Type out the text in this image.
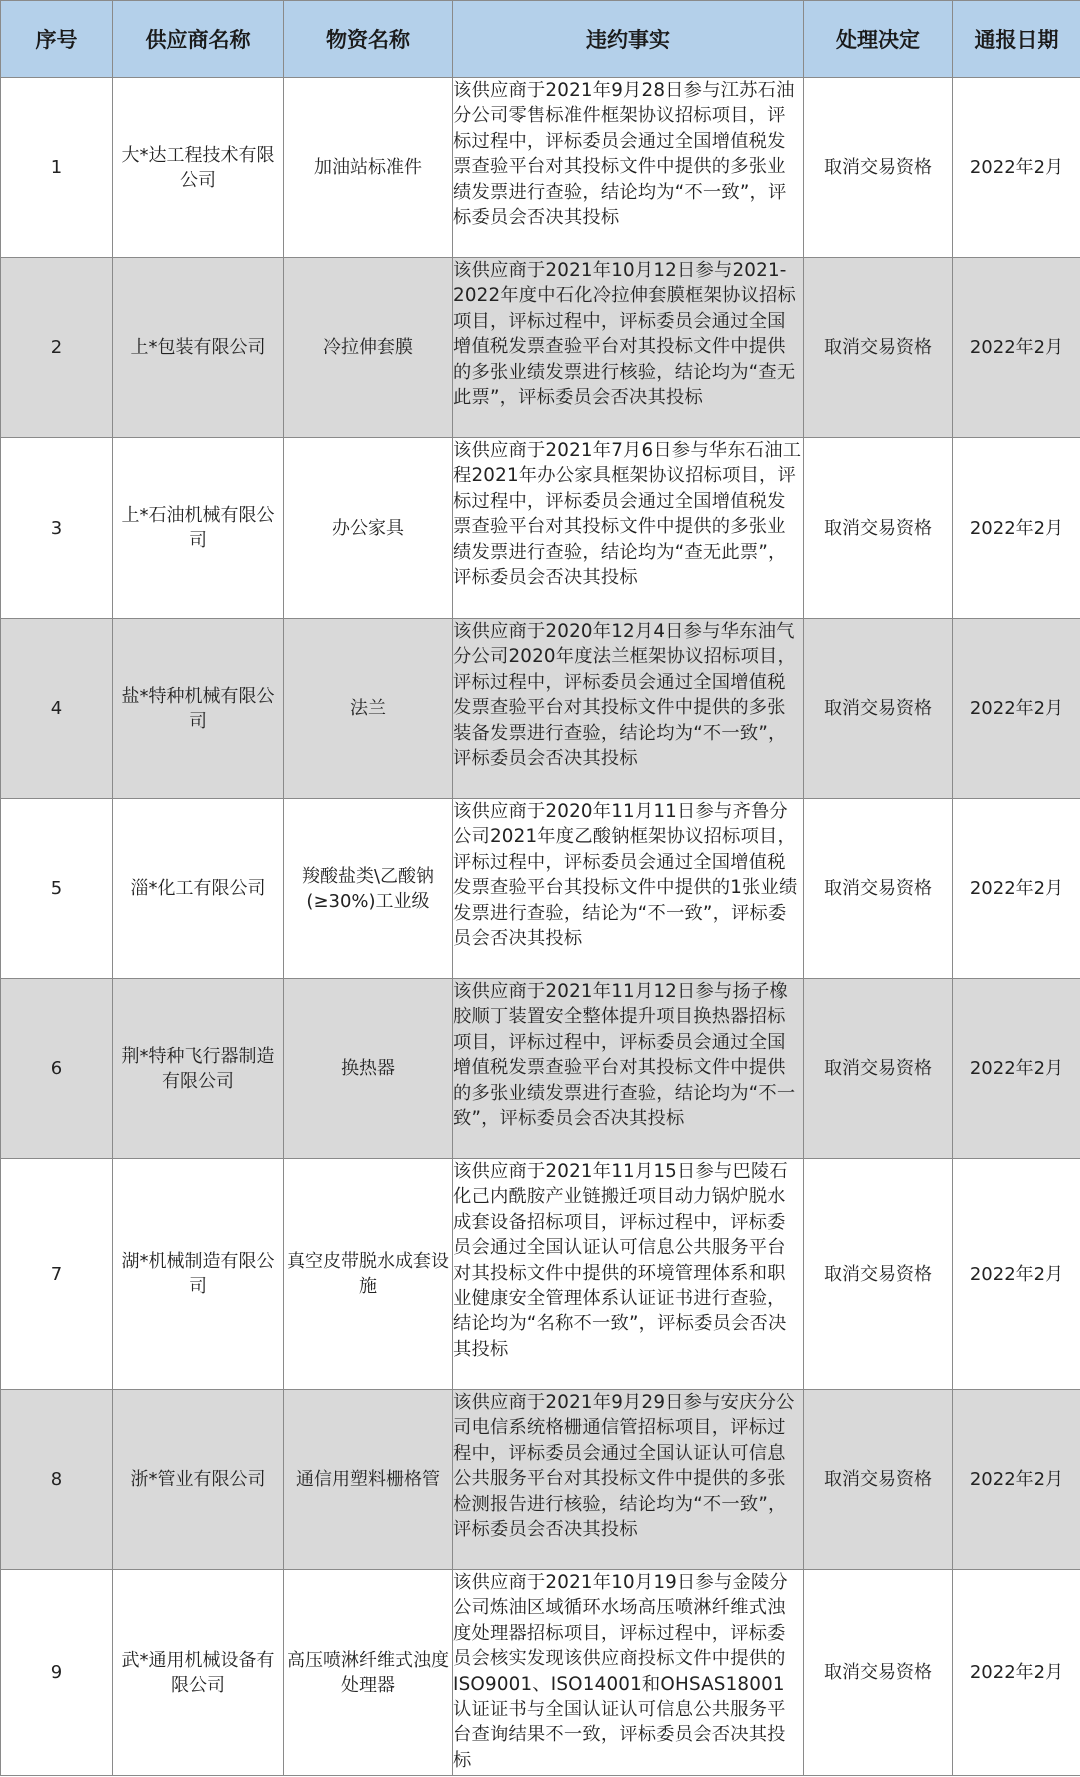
序号	供应商名称	物资名称	违约事实	处理决定	通报日期
1	大*达工程技术有限公司	加油站标准件	该供应商于2021年9月28日参与江苏石油分公司零售标准件框架协议招标项目，评标过程中，评标委员会通过全国增值税发票查验平台对其投标文件中提供的多张业绩发票进行查验，结论均为“不一致”，评标委员会否决其投标	取消交易资格	2022年2月
2	上*包装有限公司	冷拉伸套膜	该供应商于2021年10月12日参与2021-2022年度中石化冷拉伸套膜框架协议招标项目，评标过程中，评标委员会通过全国增值税发票查验平台对其投标文件中提供的多张业绩发票进行核验，结论均为“查无此票”，评标委员会否决其投标	取消交易资格	2022年2月
3	上*石油机械有限公司	办公家具	该供应商于2021年7月6日参与华东石油工程2021年办公家具框架协议招标项目，评标过程中，评标委员会通过全国增值税发票查验平台对其投标文件中提供的多张业绩发票进行查验，结论均为“查无此票”，评标委员会否决其投标	取消交易资格	2022年2月
4	盐*特种机械有限公司	法兰	该供应商于2020年12月4日参与华东油气分公司2020年度法兰框架协议招标项目，评标过程中，评标委员会通过全国增值税发票查验平台对其投标文件中提供的多张装备发票进行查验，结论均为“不一致”，评标委员会否决其投标	取消交易资格	2022年2月
5	淄*化工有限公司	羧酸盐类\乙酸钠(≥30%)工业级	该供应商于2020年11月11日参与齐鲁分公司2021年度乙酸钠框架协议招标项目，评标过程中，评标委员会通过全国增值税发票查验平台其投标文件中提供的1张业绩发票进行查验，结论为“不一致”，评标委员会否决其投标	取消交易资格	2022年2月
6	荆*特种飞行器制造有限公司	换热器	该供应商于2021年11月12日参与扬子橡胶顺丁装置安全整体提升项目换热器招标项目，评标过程中，评标委员会通过全国增值税发票查验平台对其投标文件中提供的多张业绩发票进行查验，结论均为“不一致”，评标委员会否决其投标	取消交易资格	2022年2月
7	湖*机械制造有限公司	真空皮带脱水成套设施	该供应商于2021年11月15日参与巴陵石化己内酰胺产业链搬迁项目动力锅炉脱水成套设备招标项目，评标过程中，评标委员会通过全国认证认可信息公共服务平台对其投标文件中提供的环境管理体系和职业健康安全管理体系认证证书进行查验，结论均为“名称不一致”，评标委员会否决其投标	取消交易资格	2022年2月
8	浙*管业有限公司	通信用塑料栅格管	该供应商于2021年9月29日参与安庆分公司电信系统格栅通信管招标项目，评标过程中，评标委员会通过全国认证认可信息公共服务平台对其投标文件中提供的多张检测报告进行核验，结论均为“不一致”，评标委员会否决其投标	取消交易资格	2022年2月
9	武*通用机械设备有限公司	高压喷淋纤维式浊度处理器	该供应商于2021年10月19日参与金陵分公司炼油区域循环水场高压喷淋纤维式浊度处理器招标项目，评标过程中，评标委员会核实发现该供应商投标文件中提供的ISO9001、ISO14001和OHSAS18001认证证书与全国认证认可信息公共服务平台查询结果不一致，评标委员会否决其投标	取消交易资格	2022年2月
